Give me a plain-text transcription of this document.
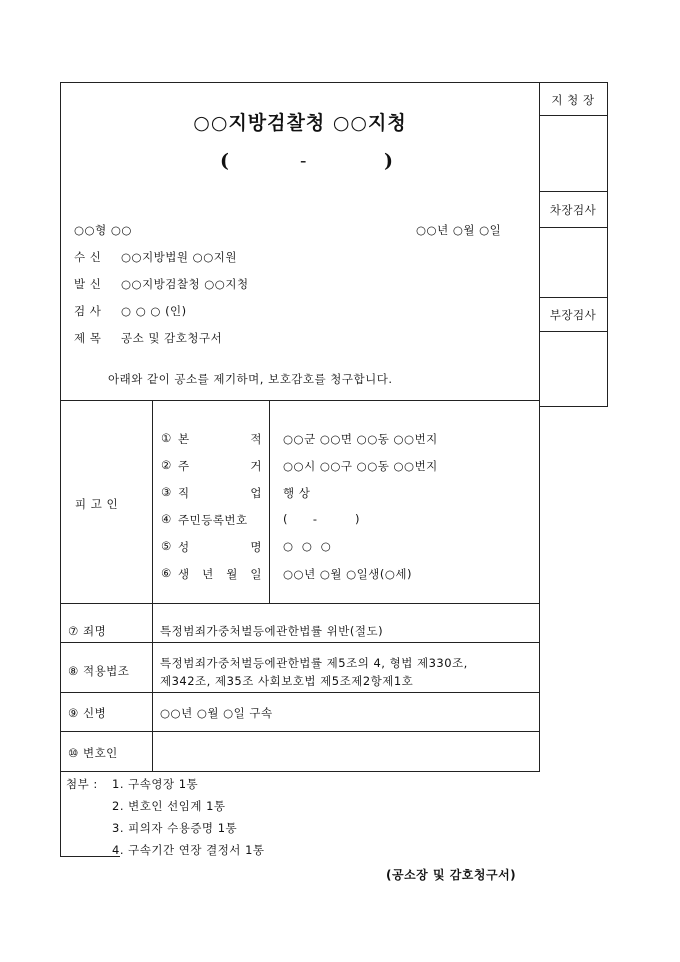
지 청 장
차장검사
부장검사
○○지방검찰청 ○○지청
(	-	)
○○형 ○○	○○년 ○월 ○일
수 신 ○○지방법원 ○○지원
발 신 ○○지방검찰청 ○○지청
검 사 ○ ○ ○ (인)
제 목 공소 및 감호청구서
아래와 같이 공소를 제기하며, 보호감호를 청구합니다.
피 고 인
① 본	적 ○○군 ○○면 ○○동 ○○번지
② 주	거 ○○시 ○○구 ○○동 ○○번지
③ 직	업 행 상
④ 주민등록번호	(      -         )
⑤ 성	명 ○  ○  ○
⑥ 생 년 월 일 ○○년 ○월 ○일생(○세)
⑦ 죄명	특정범죄가중처벌등에관한법률 위반(절도)
⑧ 적용법조
특정범죄가중처벌등에관한법률 제5조의 4, 형법 제330조,
제342조, 제35조 사회보호법 제5조제2항제1호
⑨ 신병	○○년 ○월 ○일 구속
⑩ 변호인
첨부 : 1. 구속영장 1통
2. 변호인 선임계 1통
3. 피의자 수용증명 1통
4. 구속기간 연장 결정서 1통
(공소장 및 감호청구서)
